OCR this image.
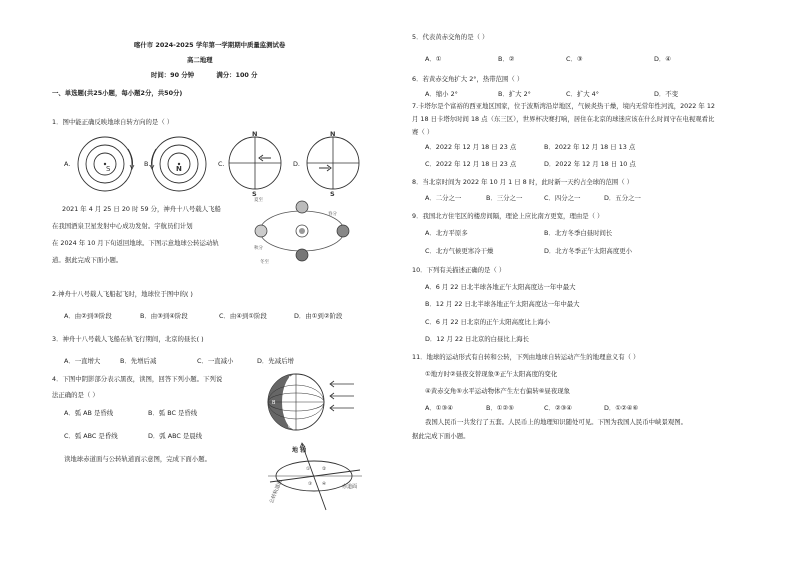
喀什市 2024-2025 学年第一学期期中质量监测试卷
高二地理
时间：90 分钟          满分：100 分
一、单选题(共25小题，每小题2分，共50分)
1．图中能正确反映地球自转方向的是（ ）
A.
S
B.
N
C.
N
S
D.
N
S
2021 年 4 月 25 日 20 时 59 分，神舟十八号载人飞船
在我国酒泉卫星发射中心成功发射。宇航员们计划
在 2024 年 10 月下旬返回地球。下图示意地球公转运动轨
道。据此完成下面小题。
夏至
春分
秋分
冬至
2.神舟十八号载人飞船起飞时，地球位于图中的( )
A．由②到③阶段	B．由③到④阶段	C．由④到①阶段	D．由①到②阶段
3．神舟十八号载人飞船在轨飞行期间，北京的昼长( )
A．一直增大	B．先增后减	C．一直减小	D．先减后增
4．下图中阴影部分表示黑夜，读图，回答下列小题。下列说
法正确的是（ ）
A．弧 AB 是昏线	B．弧 BC 是昏线
C．弧 ABC 是昏线	D．弧 ABC 是晨线
A
B
C
读地球赤道面与公转轨道面示意图，完成下面小题。
地 轴
赤道面
公转轨道面
①	②
③ ④
5．代表黄赤交角的是（ ）
A．①	B．②	C．③	D．④
6．若黄赤交角扩大 2°，热带范围（ ）
A．缩小 2°	B．扩大 2°	C．扩大 4°	D．不变
7.卡塔尔是个富裕的西亚地区国家，位于波斯湾沿岸地区，气候炎热干燥，境内无常年性河流，2022 年 12
月 18 日卡塔尔时间 18 点（东三区），世界杯决赛打响，居住在北京的球迷应该在什么时间守在电视观看比
赛（ ）
A．2022 年 12 月 18 日 23 点	B．2022 年 12 月 18 日 13 点
C．2022 年 12 月 18 日 23 点	D．2022 年 12 月 18 日 10 点
8．当北京时间为 2022 年 10 月 1 日 8 时，此时新一天约占全球的范围（ ）
A．二分之一	B．三分之一	C．四分之一	D．五分之一
9．我国北方住宅区的楼房间隔，理论上应比南方更宽，理由是（ ）
A．北方平原多	B．北方冬季白昼时间长
C．北方气候更寒冷干燥	D．北方冬季正午太阳高度更小
10．下列有关描述正确的是（ ）
A．6 月 22 日北半球各地正午太阳高度达一年中最大
B．12 月 22 日北半球各地正午太阳高度达一年中最大
C．6 月 22 日北京的正午太阳高度比上海小
D．12 月 22 日北京的白昼比上海长
11．地球的运动形式有自转和公转，下列由地球自转运动产生的地理意义有（ ）
①地方时②昼夜交替现象③正午太阳高度的变化
④黄赤交角⑤水平运动物体产生左右偏转⑥昼夜现象
A．①③④	B．①②⑤	C．②③④	D．①②④⑥
我国人民币一共发行了五套。人民币上的地理知识随处可见。下图为我国人民币中峡景观图。
据此完成下面小题。
